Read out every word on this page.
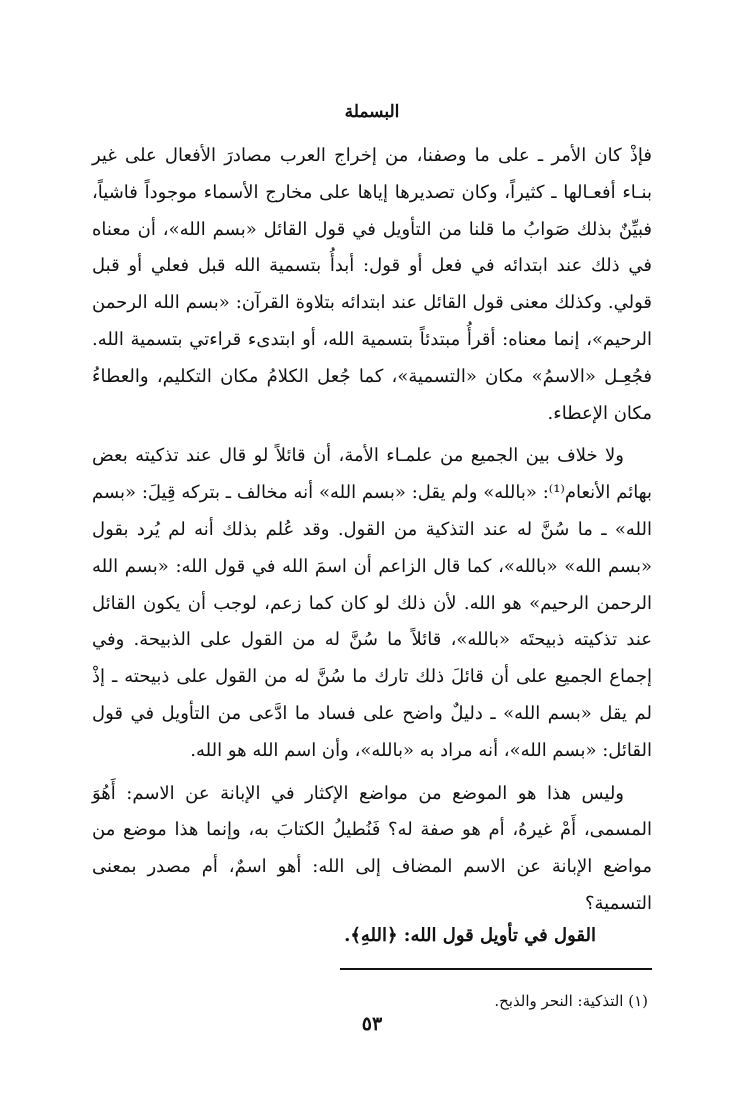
البسملة

فإذْ كان الأمر ـ على ما وصفنا، من إخراج العرب مصادرَ الأفعال على غير بنـاء أفعـالها ـ كثيراً، وكان تصديرها إياها على مخارج الأسماء موجوداً فاشياً، فبيِّنٌ بذلك صَوابُ ما قلنا من التأويل في قول القائل «بسم الله»، أن معناه في ذلك عند ابتدائه في فعل أو قول: أبدأُ بتسمية الله قبل فعلي أو قبل قولي. وكذلك معنى قول القائل عند ابتدائه بتلاوة القرآن: «بسم الله الرحمن الرحيم»، إنما معناه: أقرأُ مبتدئاً بتسمية الله، أو ابتدىء قراءتي بتسمية الله. فجُعِـل «الاسمُ» مكان «التسمية»، كما جُعل الكلامُ مكان التكليم، والعطاءُ مكان الإعطاء.

ولا خلاف بين الجميع من علمـاء الأمة، أن قائلاً لو قال عند تذكيته بعض بهائم الأنعام⁽¹⁾: «بالله» ولم يقل: «بسم الله» أنه مخالف ـ بتركه قِيلَ: «بسم الله» ـ ما سُنَّ له عند التذكية من القول. وقد عُلم بذلك أنه لم يُرد بقول «بسم الله» «بالله»، كما قال الزاعم أن اسمَ الله في قول الله: «بسم الله الرحمن الرحيم» هو الله. لأن ذلك لو كان كما زعم، لوجب أن يكون القائل عند تذكيته ذبيحتَه «بالله»، قائلاً ما سُنَّ له من القول على الذبيحة. وفي إجماع الجميع على أن قائلَ ذلك تارك ما سُنَّ له من القول على ذبيحته ـ إذْ لم يقل «بسم الله» ـ دليلٌ واضح على فساد ما ادَّعى من التأويل في قول القائل: «بسم الله»، أنه مراد به «بالله»، وأن اسم الله هو الله.

وليس هذا هو الموضع من مواضع الإكثار في الإبانة عن الاسم: أَهُوَ المسمى، أَمْ غيرهُ، أم هو صفة له؟ فَنُطيلُ الكتابَ به، وإنما هذا موضع من مواضع الإبانة عن الاسم المضاف إلى الله: أهو اسمٌ، أم مصدر بمعنى التسمية؟

القول في تأويل قول الله: ﴿اللهِ﴾.
(١) التذكية: النحر والذبح.
٥٣
